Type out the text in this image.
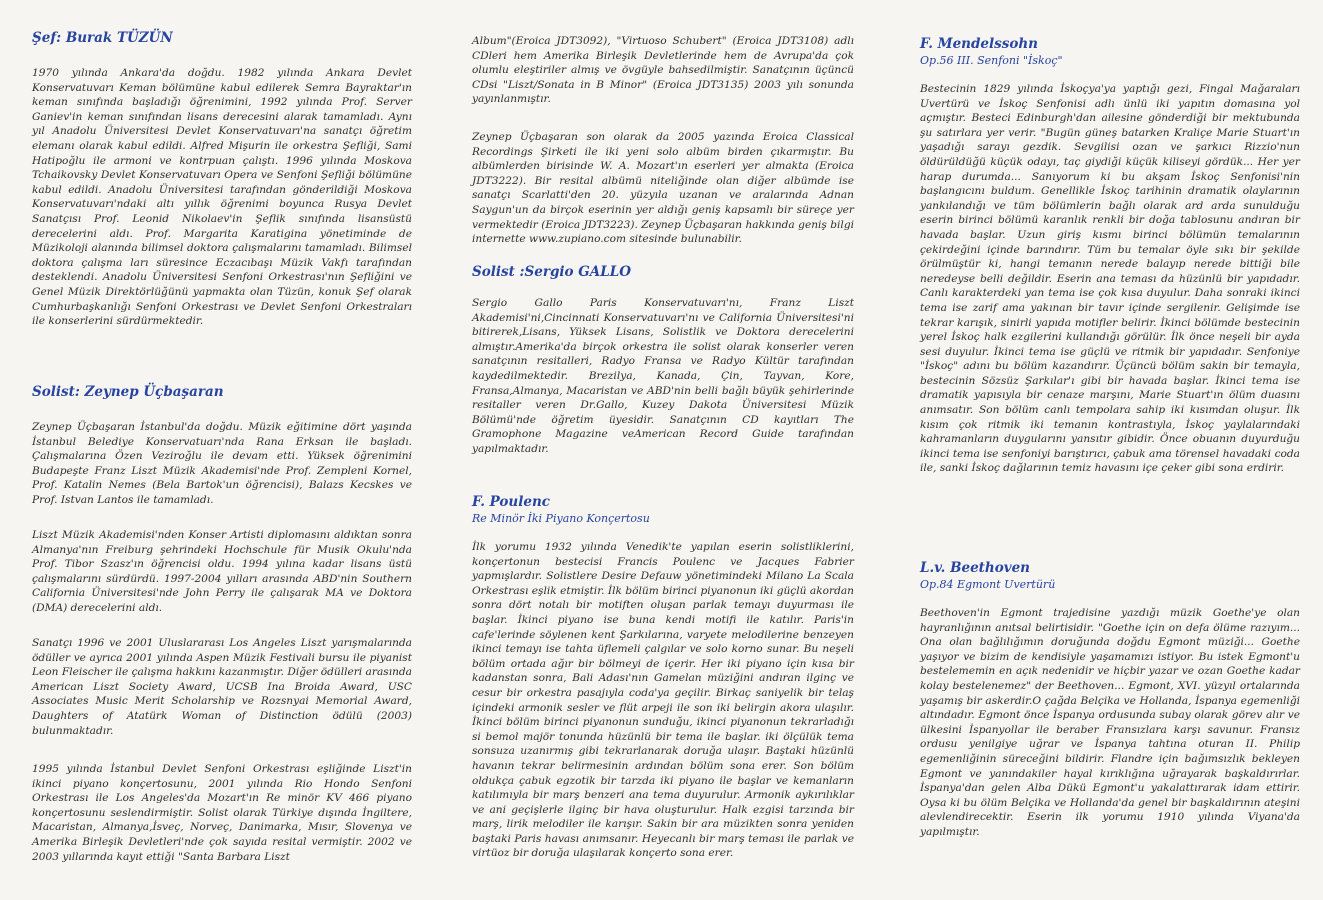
Şef: Burak TÜZÜN

1970 yılında Ankara'da doğdu. 1982 yılında Ankara Devlet Konservatuvarı Keman bölümüne kabul edilerek Semra Bayraktar'ın keman sınıfında başladığı öğrenimini, 1992 yılında Prof. Server Ganiev'in keman sınıfından lisans derecesini alarak tamamladı. Aynı yıl Anadolu Üniversitesi Devlet Konservatuvarı'na sanatçı öğretim elemanı olarak kabul edildi. Alfred Mişurin ile orkestra Şefliği, Sami Hatipoğlu ile armoni ve kontrpuan çalıştı. 1996 yılında Moskova Tchaikovsky Devlet Konservatuvarı Opera ve Senfoni Şefliği bölümüne kabul edildi. Anadolu Üniversitesi tarafından gönderildiği Moskova Konservatuvarı'ndaki altı yıllık öğrenimi boyunca Rusya Devlet Sanatçısı Prof. Leonid Nikolaev'in Şeflik sınıfında lisansüstü derecelerini aldı. Prof. Margarita Karatigina yönetiminde de Müzikoloji alanında bilimsel doktora çalışmalarını tamamladı. Bilimsel doktora çalışma ları süresince Eczacıbaşı Müzik Vakfı tarafından desteklendi. Anadolu Üniversitesi Senfoni Orkestrası'nın Şefliğini ve Genel Müzik Direktörlüğünü yapmakta olan Tüzün, konuk Şef olarak Cumhurbaşkanlığı Senfoni Orkestrası ve Devlet Senfoni Orkestraları ile konserlerini sürdürmektedir.

Solist: Zeynep Üçbaşaran

Zeynep Üçbaşaran İstanbul'da doğdu. Müzik eğitimine dört yaşında İstanbul Belediye Konservatuarı'nda Rana Erksan ile başladı. Çalışmalarına Özen Veziroğlu ile devam etti. Yüksek öğrenimini Budapeşte Franz Liszt Müzik Akademisi'nde Prof. Zempleni Kornel, Prof. Katalin Nemes (Bela Bartok'un öğrencisi), Balazs Kecskes ve Prof. Istvan Lantos ile tamamladı.

Liszt Müzik Akademisi'nden Konser Artisti diplomasını aldıktan sonra Almanya'nın Freiburg şehrindeki Hochschule für Musik Okulu'nda Prof. Tibor Szasz'ın öğrencisi oldu. 1994 yılına kadar lisans üstü çalışmalarını sürdürdü. 1997-2004 yılları arasında ABD'nin Southern California Üniversitesi'nde John Perry ile çalışarak MA ve Doktora (DMA) derecelerini aldı.

Sanatçı 1996 ve 2001 Uluslararası Los Angeles Liszt yarışmalarında ödüller ve ayrıca 2001 yılında Aspen Müzik Festivali bursu ile piyanist Leon Fleischer ile çalışma hakkını kazanmıştır. Diğer ödülleri arasında American Liszt Society Award, UCSB Ina Broida Award, USC Associates Music Merit Scholarship ve Rozsnyai Memorial Award, Daughters of Atatürk Woman of Distinction ödülü (2003) bulunmaktadır.

1995 yılında İstanbul Devlet Senfoni Orkestrası eşliğinde Liszt'in ikinci piyano konçertosunu, 2001 yılında Rio Hondo Senfoni Orkestrası ile Los Angeles'da Mozart'ın Re minör KV 466 piyano konçertosunu seslendirmiştir. Solist olarak Türkiye dışında İngiltere, Macaristan, Almanya,İsveç, Norveç, Danimarka, Mısır, Slovenya ve Amerika Birleşik Devletleri'nde çok sayıda resital vermiştir. 2002 ve 2003 yıllarında kayıt ettiği "Santa Barbara Liszt

Album"(Eroica JDT3092), "Virtuoso Schubert" (Eroica JDT3108) adlı CDleri hem Amerika Birleşik Devletlerinde hem de Avrupa'da çok olumlu eleştiriler almış ve övgüyle bahsedilmiştir. Sanatçının üçüncü CDsi "Liszt/Sonata in B Minor" (Eroica JDT3135) 2003 yılı sonunda yayınlanmıştır.

Zeynep Üçbaşaran son olarak da 2005 yazında Eroica Classical Recordings Şirketi ile iki yeni solo albüm birden çıkarmıştır. Bu albümlerden birisinde W. A. Mozart'ın eserleri yer almakta (Eroica JDT3222). Bir resital albümü niteliğinde olan diğer albümde ise sanatçı Scarlatti'den 20. yüzyıla uzanan ve aralarında Adnan Saygun'un da birçok eserinin yer aldığı geniş kapsamlı bir süreçe yer vermektedir (Eroica JDT3223). Zeynep Üçbaşaran hakkında geniş bilgi internette www.zupiano.com sitesinde bulunabilir.

Solist :Sergio GALLO

Sergio Gallo Paris Konservatuvarı'nı, Franz Liszt Akademisi'ni,Cincinnati Konservatuvarı'nı ve California Üniversitesi'ni bitirerek,Lisans, Yüksek Lisans, Solistlik ve Doktora derecelerini almıştır.Amerika'da birçok orkestra ile solist olarak konserler veren sanatçının resitalleri, Radyo Fransa ve Radyo Kültür tarafından kaydedilmektedir. Brezilya, Kanada, Çin, Tayvan, Kore, Fransa,Almanya, Macaristan ve ABD'nin belli bağlı büyük şehirlerinde resitaller veren Dr.Gallo, Kuzey Dakota Üniversitesi Müzik Bölümü'nde öğretim üyesidir. Sanatçının CD kayıtları The Gramophone Magazine veAmerican Record Guide tarafından yapılmaktadır.

F. Poulenc

Re Minör İki Piyano Konçertosu

İlk yorumu 1932 yılında Venedik'te yapılan eserin solistliklerini, konçertonun bestecisi Francis Poulenc ve Jacques Fabrier yapmışlardır. Solistlere Desire Defauw yönetimindeki Milano La Scala Orkestrası eşlik etmiştir. İlk bölüm birinci piyanonun iki güçlü akordan sonra dört notalı bir motiften oluşan parlak temayı duyurması ile başlar. İkinci piyano ise buna kendi motifi ile katılır. Paris'in cafe'lerinde söylenen kent Şarkılarına, varyete melodilerine benzeyen ikinci temayı ise tahta üflemeli çalgılar ve solo korno sunar. Bu neşeli bölüm ortada ağır bir bölmeyi de içerir. Her iki piyano için kısa bir kadanstan sonra, Bali Adası'nın Gamelan müziğini andıran ilginç ve cesur bir orkestra pasajıyla coda'ya geçilir. Birkaç saniyelik bir telaş içindeki armonik sesler ve flüt arpeji ile son iki belirgin akora ulaşılır. İkinci bölüm birinci piyanonun sunduğu, ikinci piyanonun tekrarladığı si bemol majör tonunda hüzünlü bir tema ile başlar. iki ölçülük tema sonsuza uzanırmış gibi tekrarlanarak doruğa ulaşır. Baştaki hüzünlü havanın tekrar belirmesinin ardından bölüm sona erer. Son bölüm oldukça çabuk egzotik bir tarzda iki piyano ile başlar ve kemanların katılımıyla bir marş benzeri ana tema duyurulur. Armonik aykırılıklar ve ani geçişlerle ilginç bir hava oluşturulur. Halk ezgisi tarzında bir marş, lirik melodiler ile karışır. Sakin bir ara müzikten sonra yeniden baştaki Paris havası anımsanır. Heyecanlı bir marş teması ile parlak ve virtüoz bir doruğa ulaşılarak konçerto sona erer.

F. Mendelssohn

Op.56 III. Senfoni "İskoç"

Bestecinin 1829 yılında İskoçya'ya yaptığı gezi, Fingal Mağaraları Uvertürü ve İskoç Senfonisi adlı ünlü iki yapıtın domasına yol açmıştır. Besteci Edinburgh'dan ailesine gönderdiği bir mektubunda şu satırlara yer verir. "Bugün güneş batarken Kraliçe Marie Stuart'ın yaşadığı sarayı gezdik. Sevgilisi ozan ve şarkıcı Rizzio'nun öldürüldüğü küçük odayı, taç giydiği küçük kiliseyi gördük... Her yer harap durumda... Sanıyorum ki bu akşam İskoç Senfonisi'nin başlangıcını buldum. Genellikle İskoç tarihinin dramatik olaylarının yankılandığı ve tüm bölümlerin bağlı olarak ard arda sunulduğu eserin birinci bölümü karanlık renkli bir doğa tablosunu andıran bir havada başlar. Uzun giriş kısmı birinci bölümün temalarının çekirdeğini içinde barındırır. Tüm bu temalar öyle sıkı bir şekilde örülmüştür ki, hangi temanın nerede balayıp nerede bittiği bile neredeyse belli değildir. Eserin ana teması da hüzünlü bir yapıdadır. Canlı karakterdeki yan tema ise çok kısa duyulur. Daha sonraki ikinci tema ise zarif ama yakınan bir tavır içinde sergilenir. Gelişimde ise tekrar karışık, sinirli yapıda motifler belirir. İkinci bölümde bestecinin yerel İskoç halk ezgilerini kullandığı görülür. İlk önce neşeli bir ayda sesi duyulur. İkinci tema ise güçlü ve ritmik bir yapıdadır. Senfoniye "İskoç" adını bu bölüm kazandırır. Üçüncü bölüm sakin bir temayla, bestecinin Sözsüz Şarkılar'ı gibi bir havada başlar. İkinci tema ise dramatik yapısıyla bir cenaze marşını, Marie Stuart'ın ölüm duasını anımsatır. Son bölüm canlı tempolara sahip iki kısımdan oluşur. İlk kısım çok ritmik iki temanın kontrastıyla, İskoç yaylalarındaki kahramanların duygularını yansıtır gibidir. Önce obuanın duyurduğu ikinci tema ise senfoniyi barıştırıcı, çabuk ama törensel havadaki coda ile, sanki İskoç dağlarının temiz havasını içe çeker gibi sona erdirir.

L.v. Beethoven

Op.84 Egmont Uvertürü

Beethoven'in Egmont trajedisine yazdığı müzik Goethe'ye olan hayranlığının anıtsal belirtisidir. "Goethe için on defa ölüme razıyım... Ona olan bağlılığımın doruğunda doğdu Egmont müziği... Goethe yaşıyor ve bizim de kendisiyle yaşamamızı istiyor. Bu istek Egmont'u bestelememin en açık nedenidir ve hiçbir yazar ve ozan Goethe kadar kolay bestelenemez" der Beethoven... Egmont, XVI. yüzyıl ortalarında yaşamış bir askerdir.O çağda Belçika ve Hollanda, İspanya egemenliği altındadır. Egmont önce İspanya ordusunda subay olarak görev alır ve ülkesini İspanyollar ile beraber Fransızlara karşı savunur. Fransız ordusu yenilgiye uğrar ve İspanya tahtına oturan II. Philip egemenliğinin süreceğini bildirir. Flandre için bağımsızlık bekleyen Egmont ve yanındakiler hayal kırıklığına uğrayarak başkaldırırlar. İspanya'dan gelen Alba Dükü Egmont'u yakalattırarak idam ettirir. Oysa ki bu ölüm Belçika ve Hollanda'da genel bir başkaldırının ateşini alevlendirecektir. Eserin ilk yorumu 1910 yılında Viyana'da yapılmıştır.
